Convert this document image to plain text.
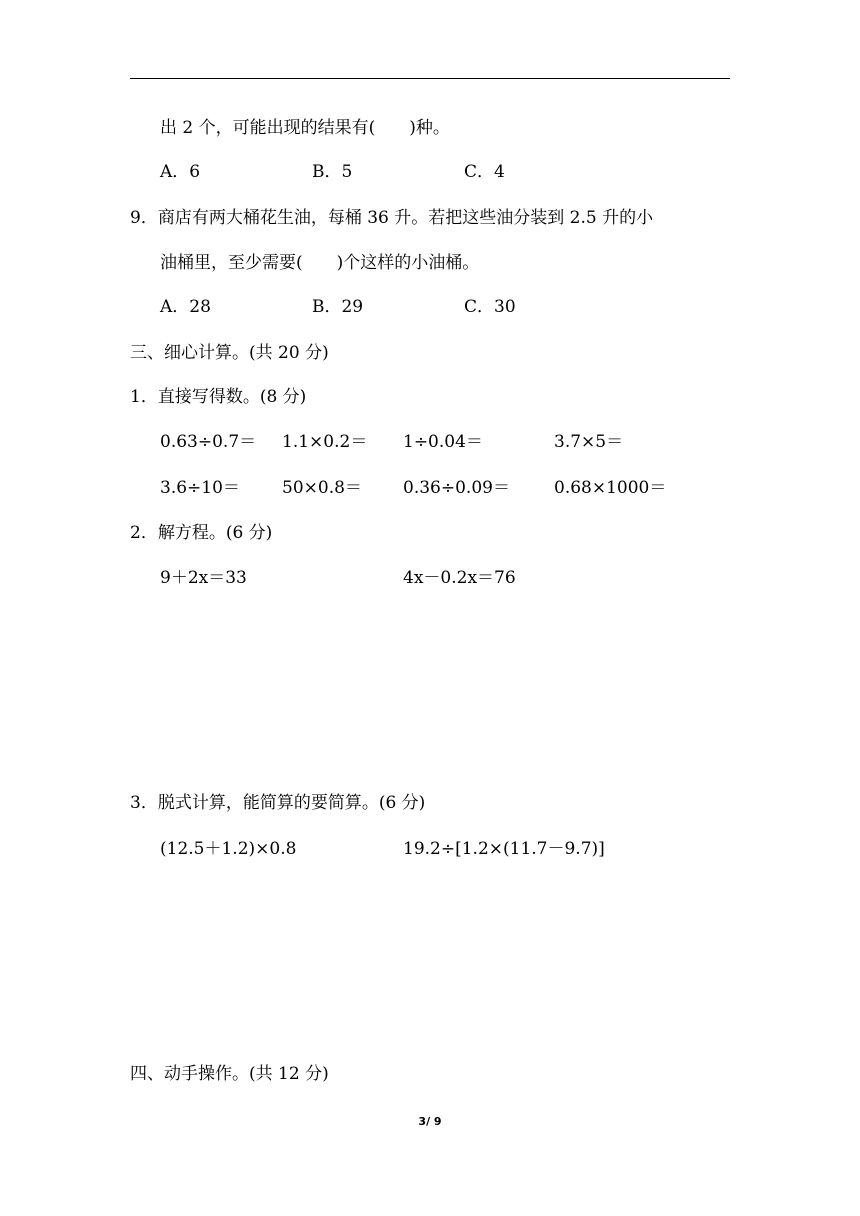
出 2 个，可能出现的结果有(　　)种。
A．6	B．5	C．4
9．商店有两大桶花生油，每桶 36 升。若把这些油分装到 2.5 升的小
油桶里，至少需要(　　)个这样的小油桶。
A．28	B．29	C．30
三、细心计算。(共 20 分)
1．直接写得数。(8 分)
0.63÷0.7＝ 1.1×0.2＝ 1÷0.04＝	3.7×5＝
3.6÷10＝ 50×0.8＝ 0.36÷0.09＝	0.68×1000＝
2．解方程。(6 分)
9＋2x＝33	4x－0.2x＝76
3．脱式计算，能简算的要简算。(6 分)
(12.5＋1.2)×0.8	19.2÷[1.2×(11.7－9.7)]
四、动手操作。(共 12 分)
3/ 9
